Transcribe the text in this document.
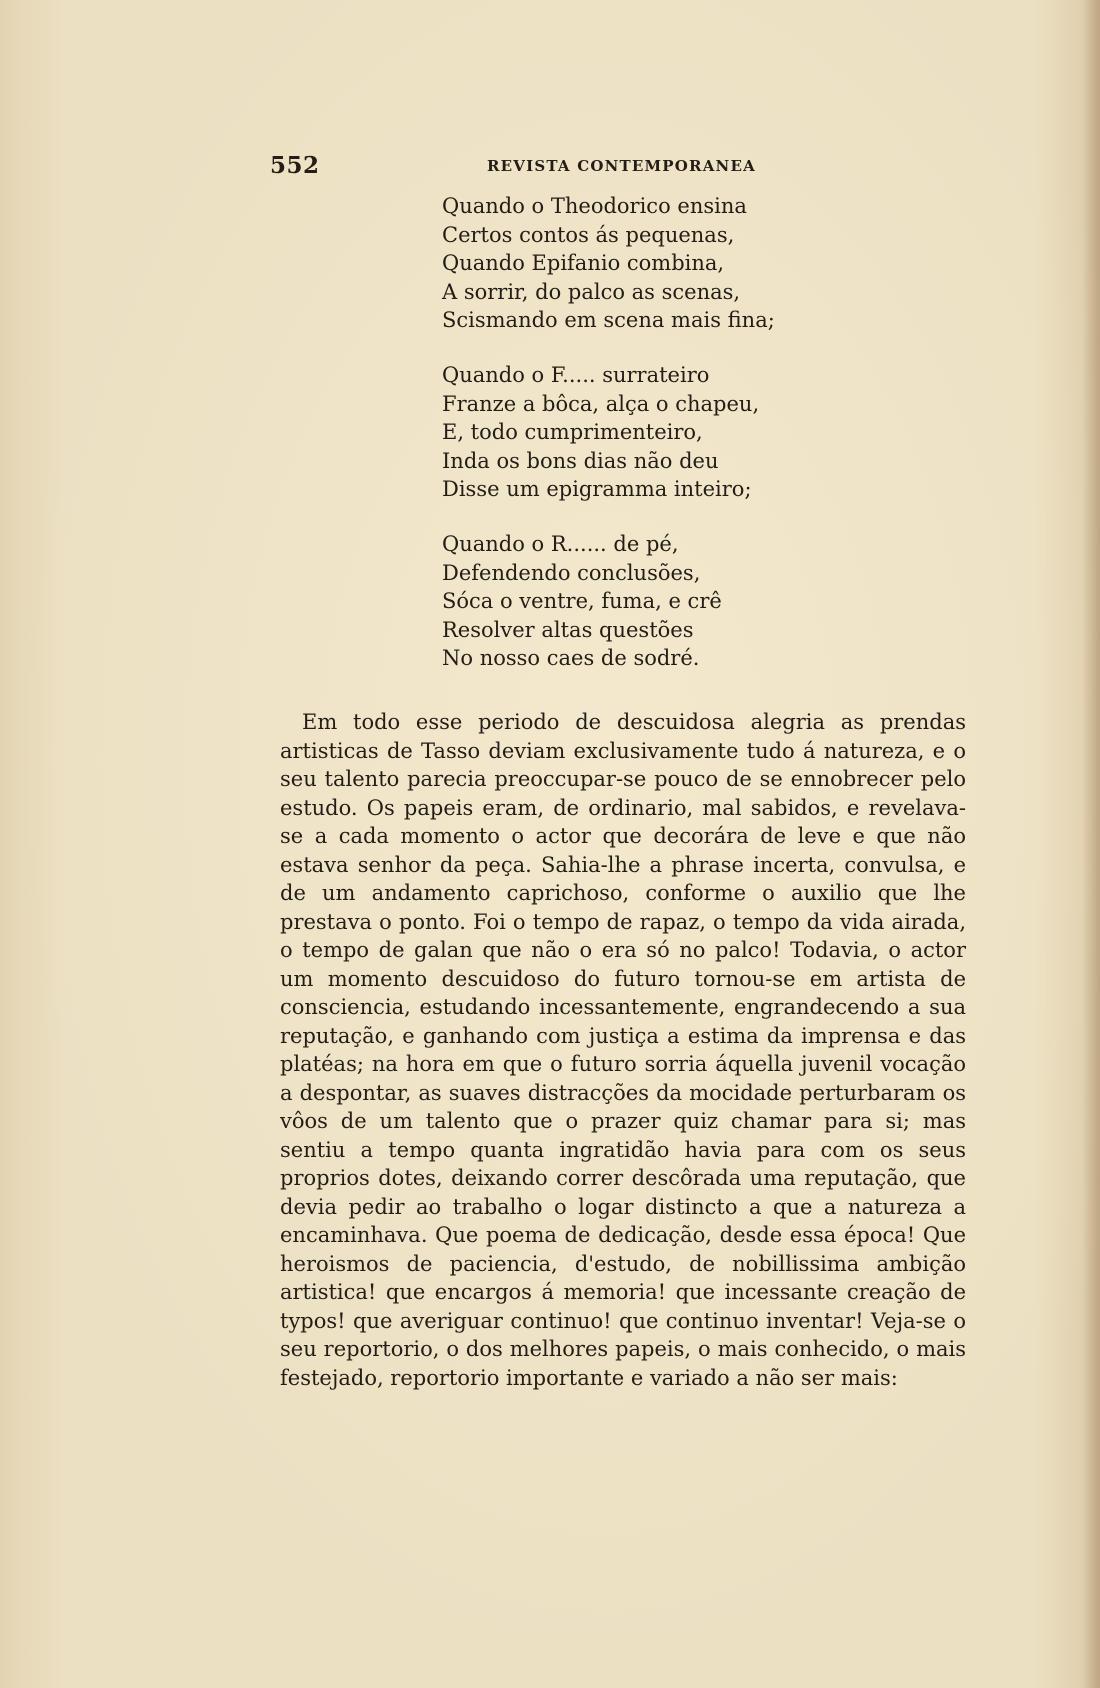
552	REVISTA CONTEMPORANEA
Quando o Theodorico ensina
Certos contos ás pequenas,
Quando Epifanio combina,
A sorrir, do palco as scenas,
Scismando em scena mais fina;
Quando o F..... surrateiro
Franze a bôca, alça o chapeu,
E, todo cumprimenteiro,
Inda os bons dias não deu
Disse um epigramma inteiro;
Quando o R...... de pé,
Defendendo conclusões,
Sóca o ventre, fuma, e crê
Resolver altas questões
No nosso caes de sodré.

Em todo esse periodo de descuidosa alegria as prendas artisticas de Tasso deviam exclusivamente tudo á natureza, e o seu talento parecia preoccupar-se pouco de se ennobrecer pelo estudo. Os papeis eram, de ordinario, mal sabidos, e revelava-se a cada momento o actor que decorára de leve e que não estava senhor da peça. Sahia-lhe a phrase incerta, convulsa, e de um andamento caprichoso, conforme o auxilio que lhe prestava o ponto. Foi o tempo de rapaz, o tempo da vida airada, o tempo de galan que não o era só no palco! Todavia, o actor um momento descuidoso do futuro tornou-se em artista de consciencia, estudando incessantemente, engrandecendo a sua reputação, e ganhando com justiça a estima da imprensa e das platéas; na hora em que o futuro sorria áquella juvenil vocação a despontar, as suaves distracções da mocidade perturbaram os vôos de um talento que o prazer quiz chamar para si; mas sentiu a tempo quanta ingratidão havia para com os seus proprios dotes, deixando correr descôrada uma reputação, que devia pedir ao trabalho o logar distincto a que a natureza a encaminhava. Que poema de dedicação, desde essa época! Que heroismos de paciencia, d'estudo, de nobillissima ambição artistica! que encargos á memoria! que incessante creação de typos! que averiguar continuo! que continuo inventar! Veja-se o seu reportorio, o dos melhores papeis, o mais conhecido, o mais festejado, reportorio importante e variado a não ser mais:
